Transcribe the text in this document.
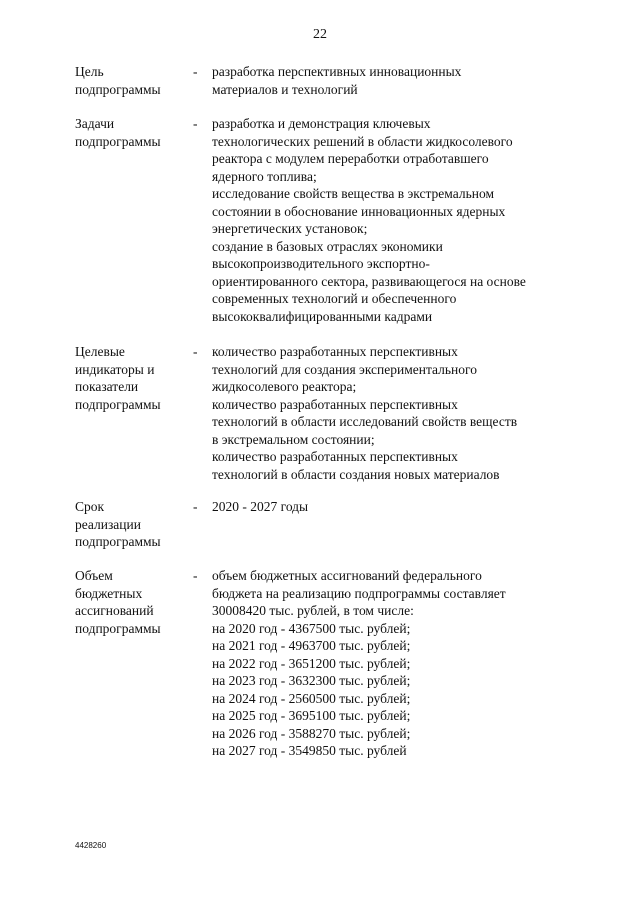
22
Цель
подпрограммы
- разработка перспективных инновационных
материалов и технологий
Задачи
подпрограммы
- разработка и демонстрация ключевых
технологических решений в области жидкосолевого
реактора с модулем переработки отработавшего
ядерного топлива;
исследование свойств вещества в экстремальном
состоянии в обоснование инновационных ядерных
энергетических установок;
создание в базовых отраслях экономики
высокопроизводительного экспортно-
ориентированного сектора, развивающегося на основе
современных технологий и обеспеченного
высококвалифицированными кадрами
Целевые
индикаторы и
показатели
подпрограммы
- количество разработанных перспективных
технологий для создания экспериментального
жидкосолевого реактора;
количество разработанных перспективных
технологий в области исследований свойств веществ
в экстремальном состоянии;
количество разработанных перспективных
технологий в области создания новых материалов
Срок
реализации
подпрограммы
- 2020 - 2027 годы
Объем
бюджетных
ассигнований
подпрограммы
- объем бюджетных ассигнований федерального
бюджета на реализацию подпрограммы составляет
30008420 тыс. рублей, в том числе:
на 2020 год - 4367500 тыс. рублей;
на 2021 год - 4963700 тыс. рублей;
на 2022 год - 3651200 тыс. рублей;
на 2023 год - 3632300 тыс. рублей;
на 2024 год - 2560500 тыс. рублей;
на 2025 год - 3695100 тыс. рублей;
на 2026 год - 3588270 тыс. рублей;
на 2027 год - 3549850 тыс. рублей
4428260
